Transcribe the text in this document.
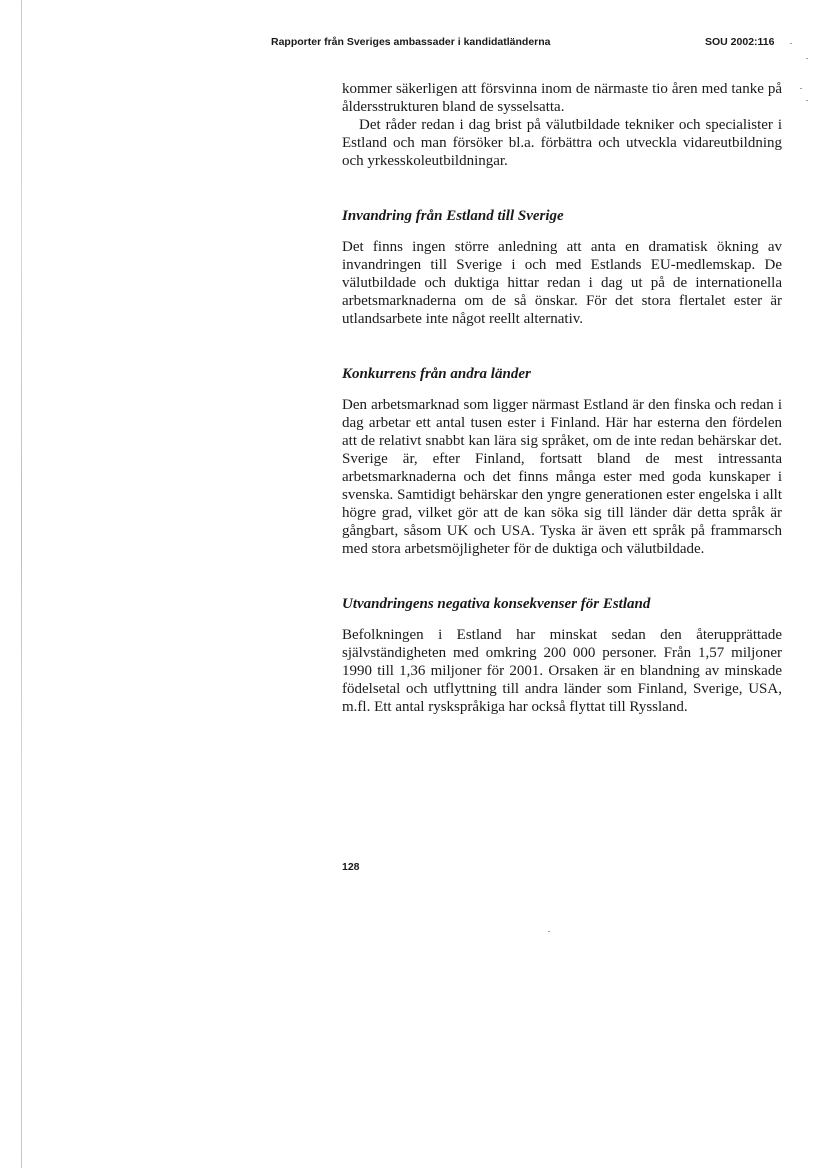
Rapporter från Sveriges ambassader i kandidatländerna	SOU 2002:116

kommer säkerligen att försvinna inom de närmaste tio åren med tanke på åldersstrukturen bland de sysselsatta.

Det råder redan i dag brist på välutbildade tekniker och specialister i Estland och man försöker bl.a. förbättra och utveckla vidareutbildning och yrkesskoleutbildningar.

Invandring från Estland till Sverige

Det finns ingen större anledning att anta en dramatisk ökning av invandringen till Sverige i och med Estlands EU-medlemskap. De välutbildade och duktiga hittar redan i dag ut på de internationella arbetsmarknaderna om de så önskar. För det stora flertalet ester är utlandsarbete inte något reellt alternativ.

Konkurrens från andra länder

Den arbetsmarknad som ligger närmast Estland är den finska och redan i dag arbetar ett antal tusen ester i Finland. Här har esterna den fördelen att de relativt snabbt kan lära sig språket, om de inte redan behärskar det. Sverige är, efter Finland, fortsatt bland de mest intressanta arbetsmarknaderna och det finns många ester med goda kunskaper i svenska. Samtidigt behärskar den yngre generationen ester engelska i allt högre grad, vilket gör att de kan söka sig till länder där detta språk är gångbart, såsom UK och USA. Tyska är även ett språk på frammarsch med stora arbetsmöjligheter för de duktiga och välutbildade.

Utvandringens negativa konsekvenser för Estland

Befolkningen i Estland har minskat sedan den återupprättade självständigheten med omkring 200 000 personer. Från 1,57 miljoner 1990 till 1,36 miljoner för 2001. Orsaken är en blandning av minskade födelsetal och utflyttning till andra länder som Finland, Sverige, USA, m.fl. Ett antal ryskspråkiga har också flyttat till Ryssland.

128
